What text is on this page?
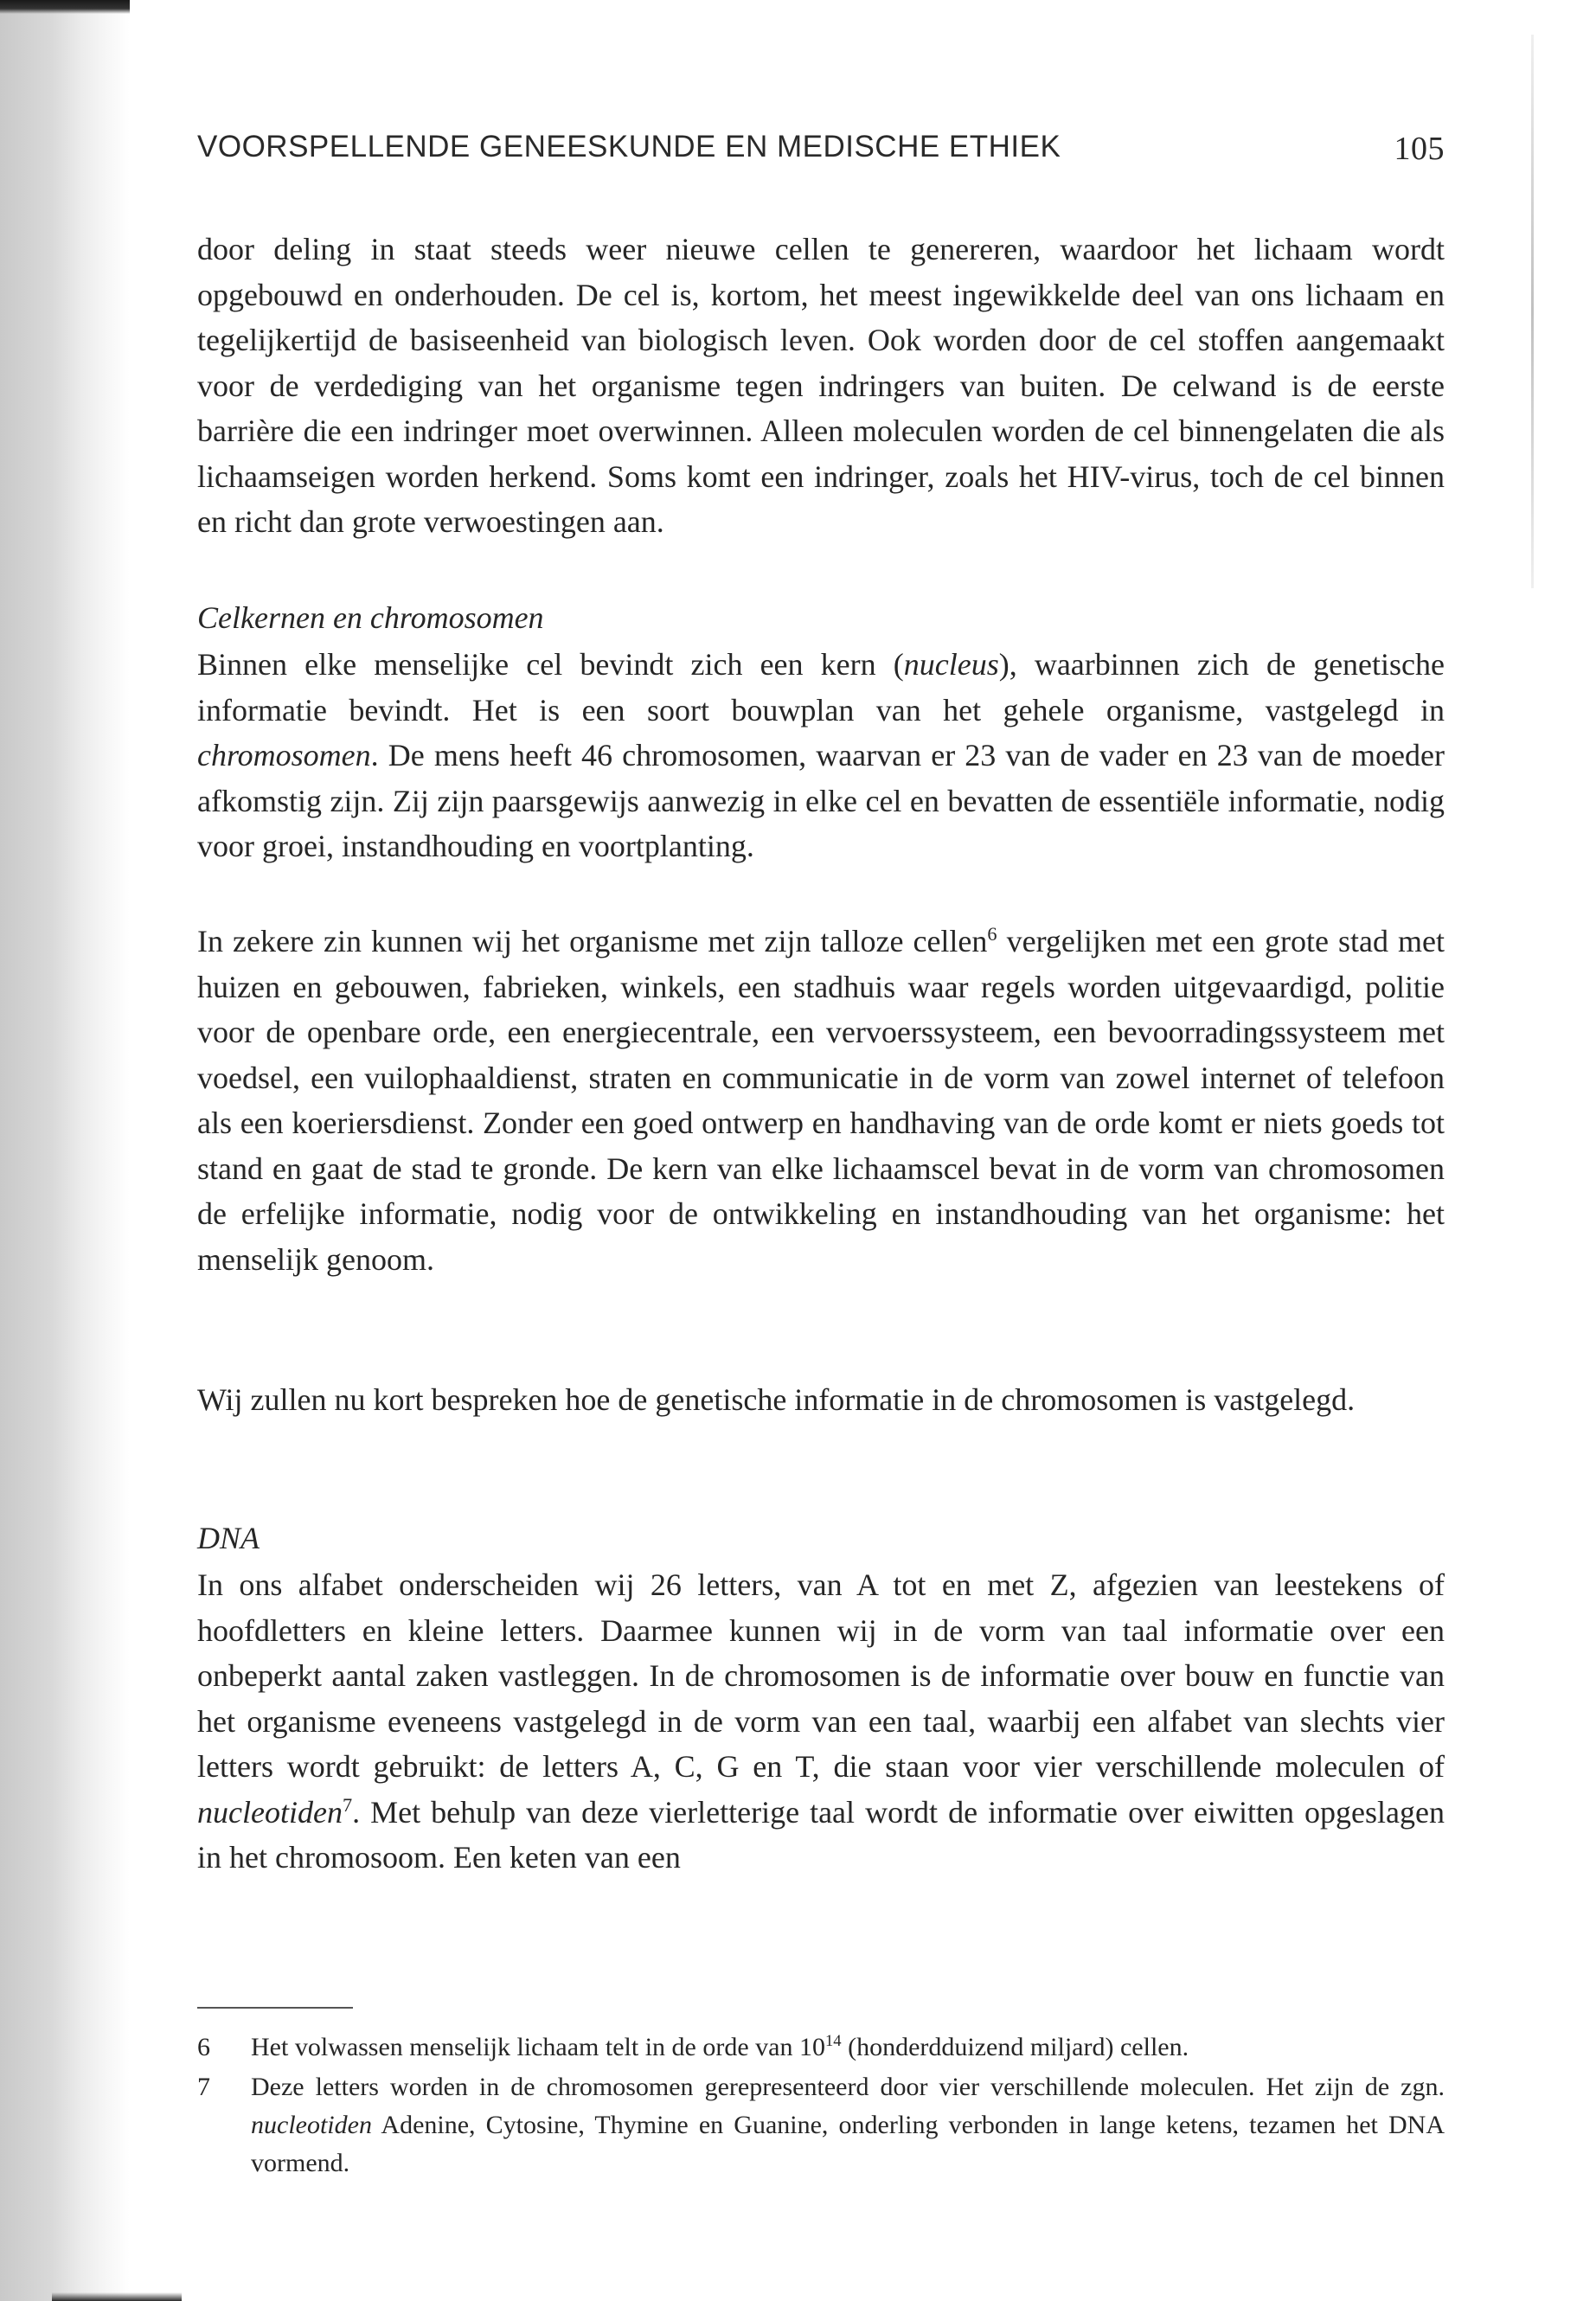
VOORSPELLENDE GENEESKUNDE EN MEDISCHE ETHIEK	105

door deling in staat steeds weer nieuwe cellen te genereren, waardoor het lichaam wordt opgebouwd en onderhouden. De cel is, kortom, het meest ingewikkelde deel van ons lichaam en tegelijkertijd de basiseenheid van biologisch leven. Ook worden door de cel stoffen aangemaakt voor de verdediging van het organisme tegen indringers van buiten. De celwand is de eerste barrière die een indringer moet overwinnen. Alleen moleculen worden de cel binnengelaten die als lichaamseigen worden herkend. Soms komt een indringer, zoals het HIV-virus, toch de cel binnen en richt dan grote verwoestingen aan.

Celkernen en chromosomen

Binnen elke menselijke cel bevindt zich een kern (nucleus), waarbinnen zich de genetische informatie bevindt. Het is een soort bouwplan van het gehele organisme, vastgelegd in chromosomen. De mens heeft 46 chromosomen, waarvan er 23 van de vader en 23 van de moeder afkomstig zijn. Zij zijn paarsgewijs aanwezig in elke cel en bevatten de essentiële informatie, nodig voor groei, instandhouding en voortplanting.

In zekere zin kunnen wij het organisme met zijn talloze cellen$^6$ vergelijken met een grote stad met huizen en gebouwen, fabrieken, winkels, een stadhuis waar regels worden uitgevaardigd, politie voor de openbare orde, een energiecentrale, een vervoerssysteem, een bevoorradingssysteem met voedsel, een vuilophaaldienst, straten en communicatie in de vorm van zowel internet of telefoon als een koeriersdienst. Zonder een goed ontwerp en handhaving van de orde komt er niets goeds tot stand en gaat de stad te gronde. De kern van elke lichaamscel bevat in de vorm van chromosomen de erfelijke informatie, nodig voor de ontwikkeling en instandhouding van het organisme: het menselijk genoom.

Wij zullen nu kort bespreken hoe de genetische informatie in de chromosomen is vastgelegd.

DNA

In ons alfabet onderscheiden wij 26 letters, van A tot en met Z, afgezien van leestekens of hoofdletters en kleine letters. Daarmee kunnen wij in de vorm van taal informatie over een onbeperkt aantal zaken vastleggen. In de chromosomen is de informatie over bouw en functie van het organisme eveneens vastgelegd in de vorm van een taal, waarbij een alfabet van slechts vier letters wordt gebruikt: de letters A, C, G en T, die staan voor vier verschillende moleculen of nucleotiden$^7$. Met behulp van deze vierletterige taal wordt de informatie over eiwitten opgeslagen in het chromosoom. Een keten van een

6 Het volwassen menselijk lichaam telt in de orde van $10^{14}$ (honderdduizend miljard) cellen.
7 Deze letters worden in de chromosomen gerepresenteerd door vier verschillende moleculen. Het zijn de zgn. nucleotiden Adenine, Cytosine, Thymine en Guanine, onderling verbonden in lange ketens, tezamen het DNA vormend.
